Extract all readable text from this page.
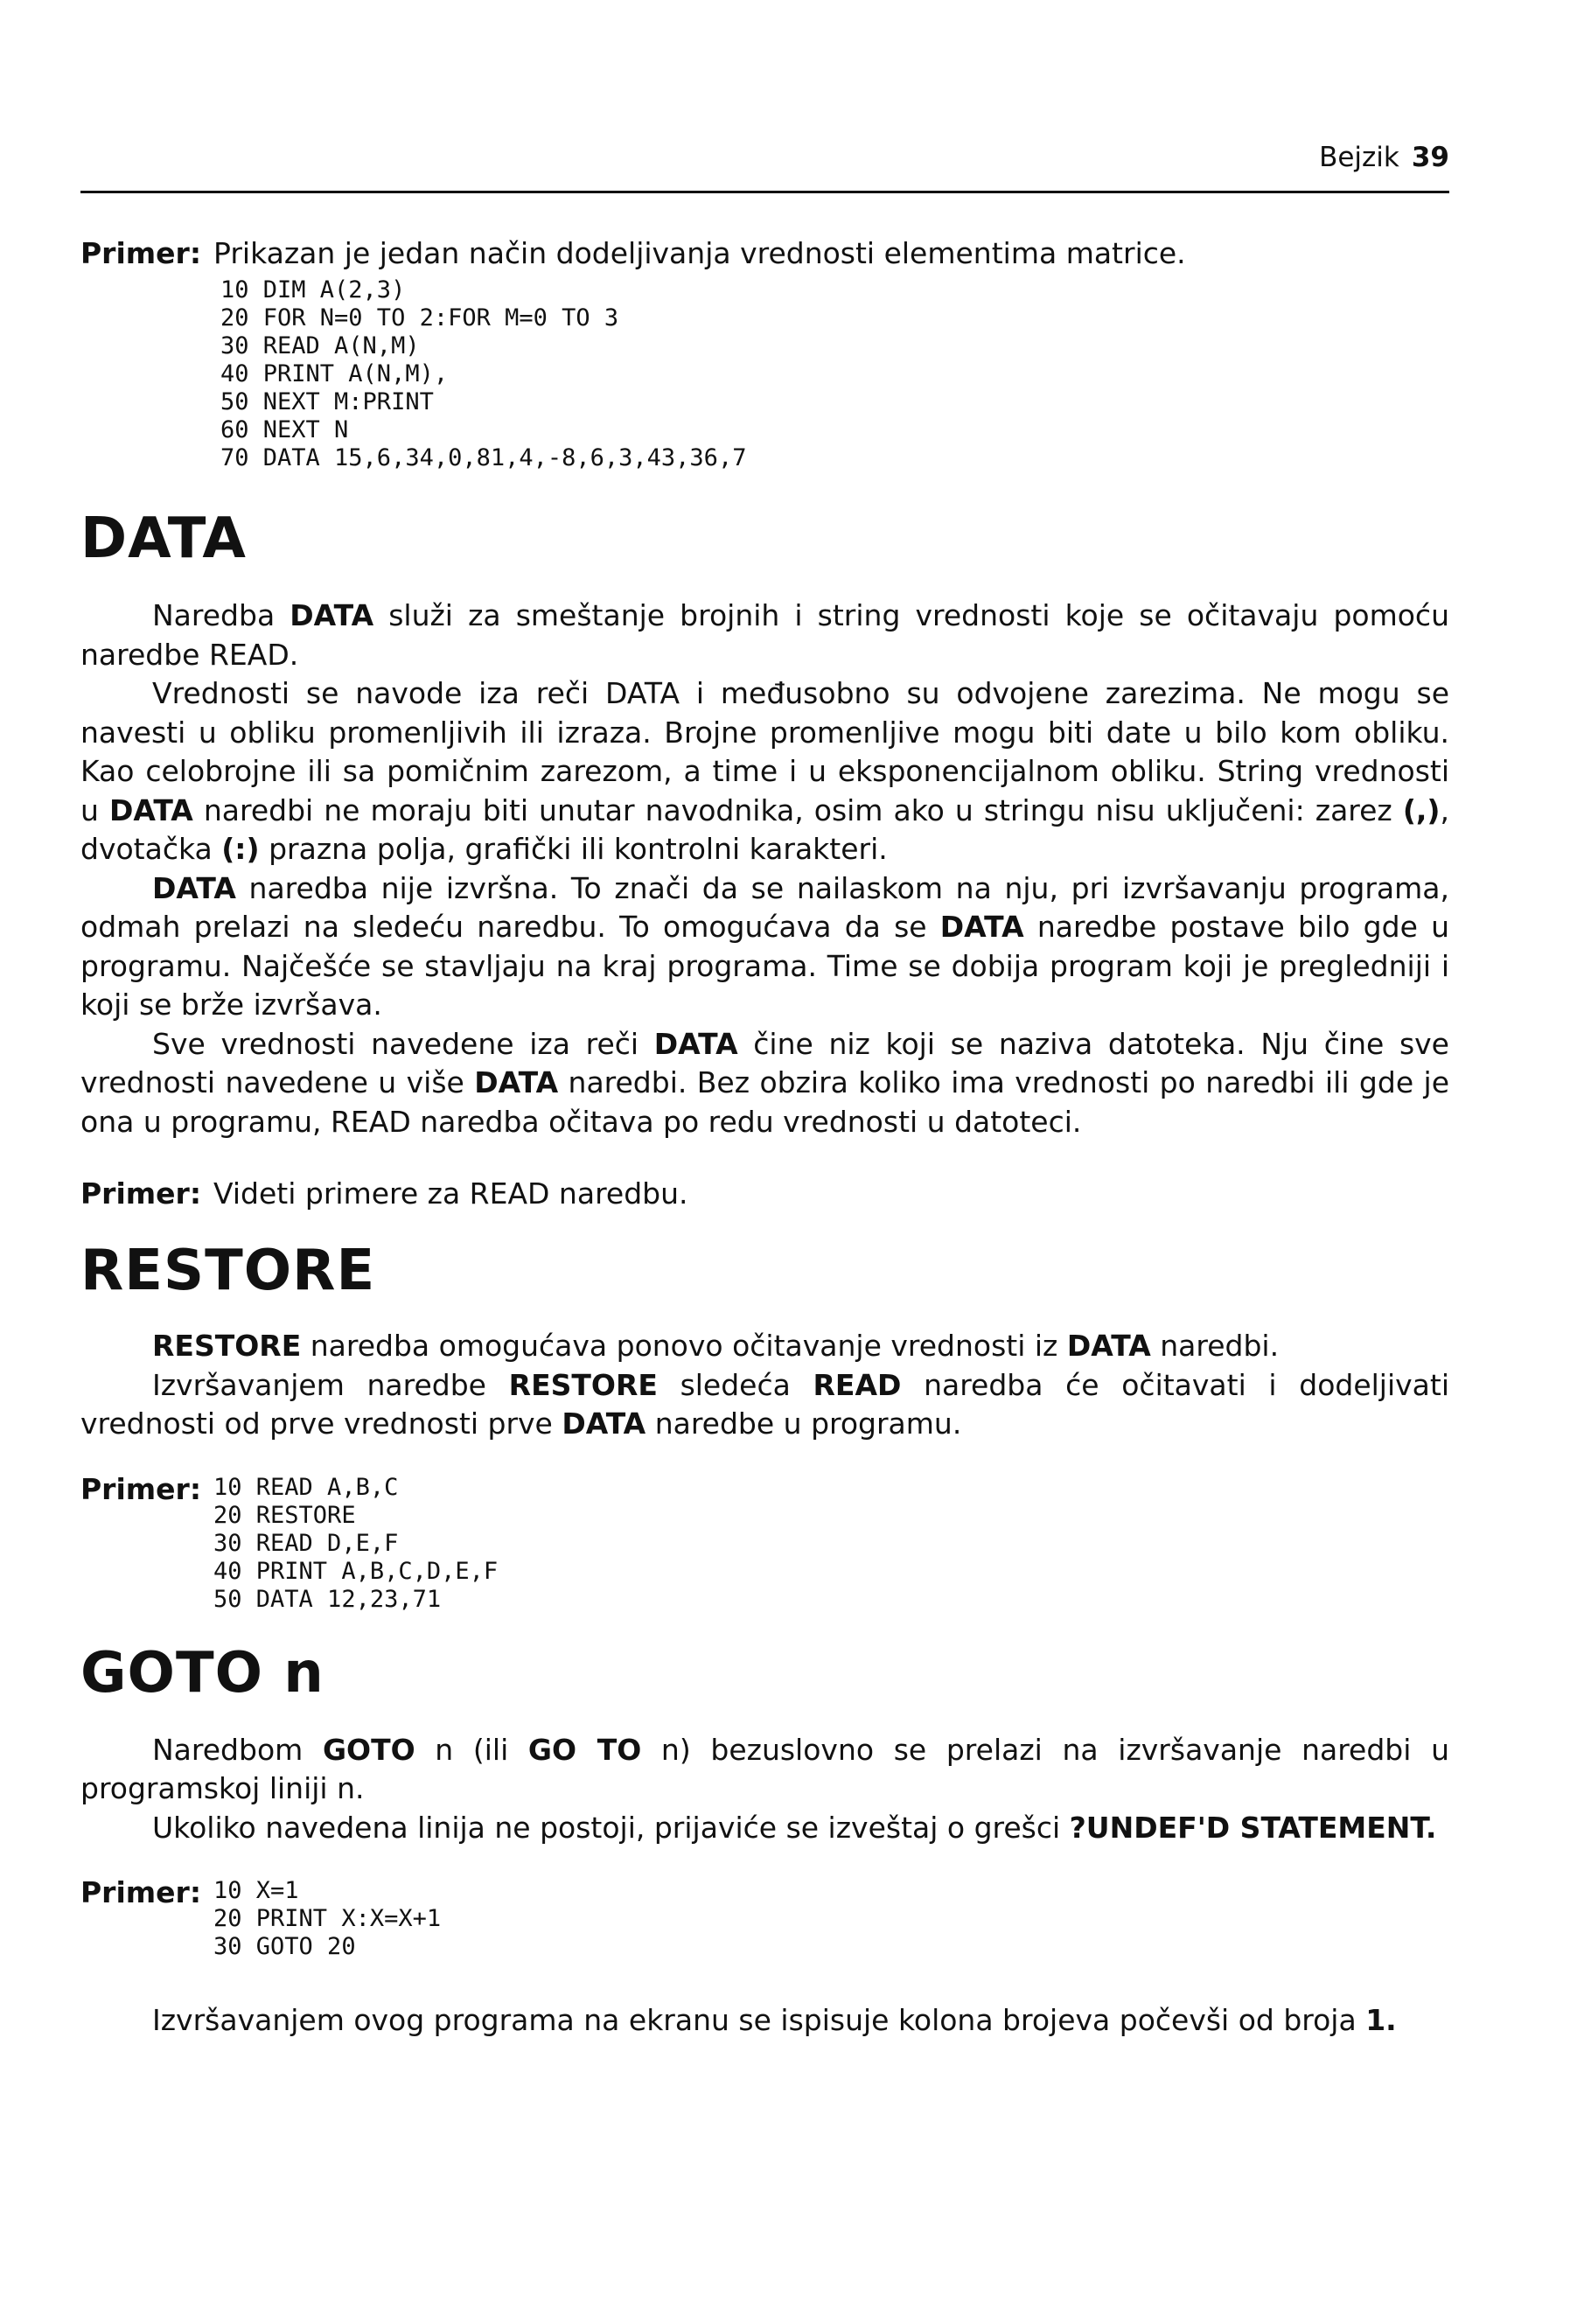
Bejzik 39

Primer: Prikazan je jedan način dodeljivanja vrednosti elementima matrice.

10 DIM A(2,3)
20 FOR N=0 TO 2:FOR M=0 TO 3
30 READ A(N,M)
40 PRINT A(N,M),
50 NEXT M:PRINT
60 NEXT N
70 DATA 15,6,34,0,81,4,-8,6,3,43,36,7
DATA

Naredba DATA služi za smeštanje brojnih i string vrednosti koje se očitavaju pomoću naredbe READ.

Vrednosti se navode iza reči DATA i međusobno su odvojene zarezima. Ne mogu se navesti u obliku promenljivih ili izraza. Brojne promenljive mogu biti date u bilo kom obliku. Kao celobrojne ili sa pomičnim zarezom, a time i u eksponencijalnom obliku. String vrednosti u DATA naredbi ne moraju biti unutar navodnika, osim ako u stringu nisu uključeni: zarez (,), dvotačka (:) prazna polja, grafički ili kontrolni karakteri.

DATA naredba nije izvršna. To znači da se nailaskom na nju, pri izvršavanju programa, odmah prelazi na sledeću naredbu. To omogućava da se DATA naredbe postave bilo gde u programu. Najčešće se stavljaju na kraj programa. Time se dobija program koji je pregledniji i koji se brže izvršava.

Sve vrednosti navedene iza reči DATA čine niz koji se naziva datoteka. Nju čine sve vrednosti navedene u više DATA naredbi. Bez obzira koliko ima vrednosti po naredbi ili gde je ona u programu, READ naredba očitava po redu vrednosti u datoteci.

Primer: Videti primere za READ naredbu.

RESTORE

RESTORE naredba omogućava ponovo očitavanje vrednosti iz DATA naredbi.

Izvršavanjem naredbe RESTORE sledeća READ naredba će očitavati i dodeljivati vrednosti od prve vrednosti prve DATA naredbe u programu.

Primer: 10 READ A,B,C
20 RESTORE
30 READ D,E,F
40 PRINT A,B,C,D,E,F
50 DATA 12,23,71
GOTO n

Naredbom GOTO n (ili GO TO n) bezuslovno se prelazi na izvršavanje naredbi u programskoj liniji n.

Ukoliko navedena linija ne postoji, prijaviće se izveštaj o grešci ?UNDEF'D STATEMENT.

Primer: 10 X=1
20 PRINT X:X=X+1
30 GOTO 20

Izvršavanjem ovog programa na ekranu se ispisuje kolona brojeva počevši od broja 1.
